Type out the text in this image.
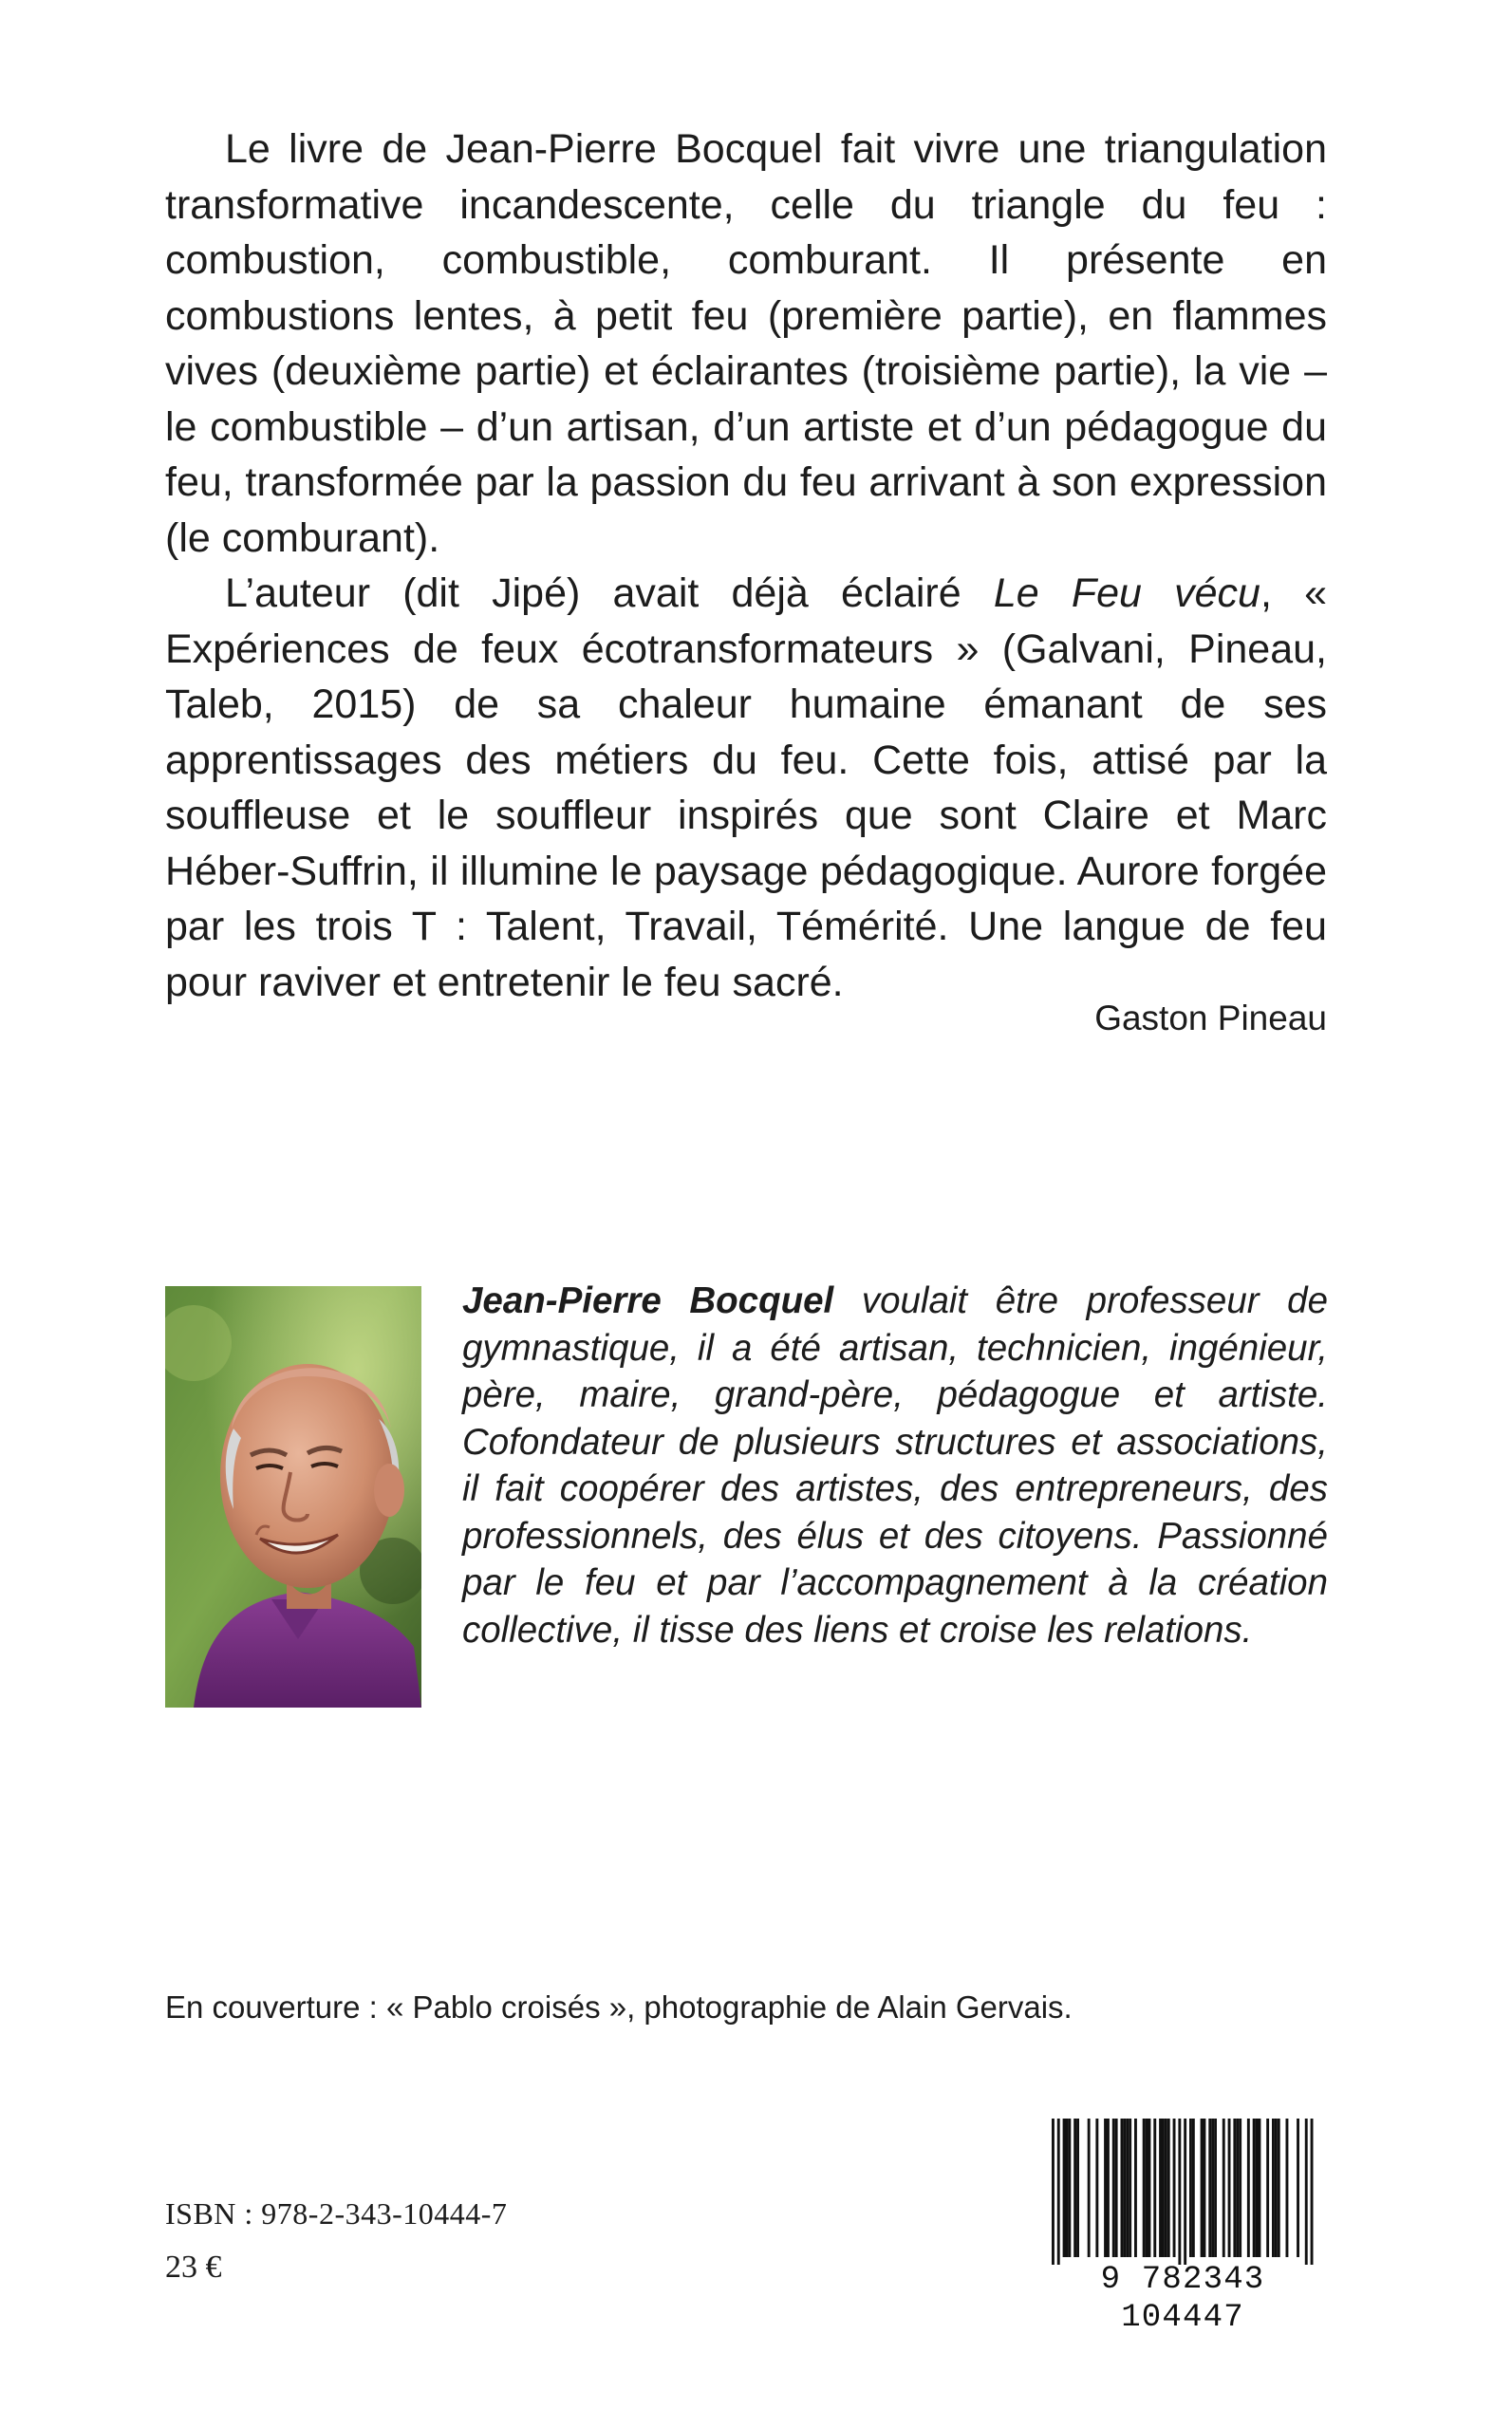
Le livre de Jean-Pierre Bocquel fait vivre une triangulation transformative incandescente, celle du triangle du feu : combustion, combustible, comburant. Il présente en combustions lentes, à petit feu (première partie), en flammes vives (deuxième partie) et éclairantes (troisième partie), la vie – le combustible – d’un artisan, d’un artiste et d’un pédagogue du feu, transformée par la passion du feu arrivant à son expression (le comburant).

L’auteur (dit Jipé) avait déjà éclairé Le Feu vécu, « Expériences de feux écotransformateurs » (Galvani, Pineau, Taleb, 2015) de sa chaleur humaine émanant de ses apprentissages des métiers du feu. Cette fois, attisé par la souffleuse et le souffleur inspirés que sont Claire et Marc Héber-Suffrin, il illumine le paysage pédagogique. Aurore forgée par les trois T : Talent, Travail, Témérité. Une langue de feu pour raviver et entretenir le feu sacré.

Gaston Pineau
Jean-Pierre Bocquel voulait être professeur de gymnastique, il a été artisan, technicien, ingénieur, père, maire, grand-père, pédagogue et artiste. Cofondateur de plusieurs structures et associations, il fait coopérer des artistes, des entrepreneurs, des professionnels, des élus et des citoyens. Passionné par le feu et par l’accompagnement à la création collective, il tisse des liens et croise les relations.
En couverture : « Pablo croisés », photographie de Alain Gervais.
ISBN : 978-2-343-10444-7
23 €	9 782343 104447
